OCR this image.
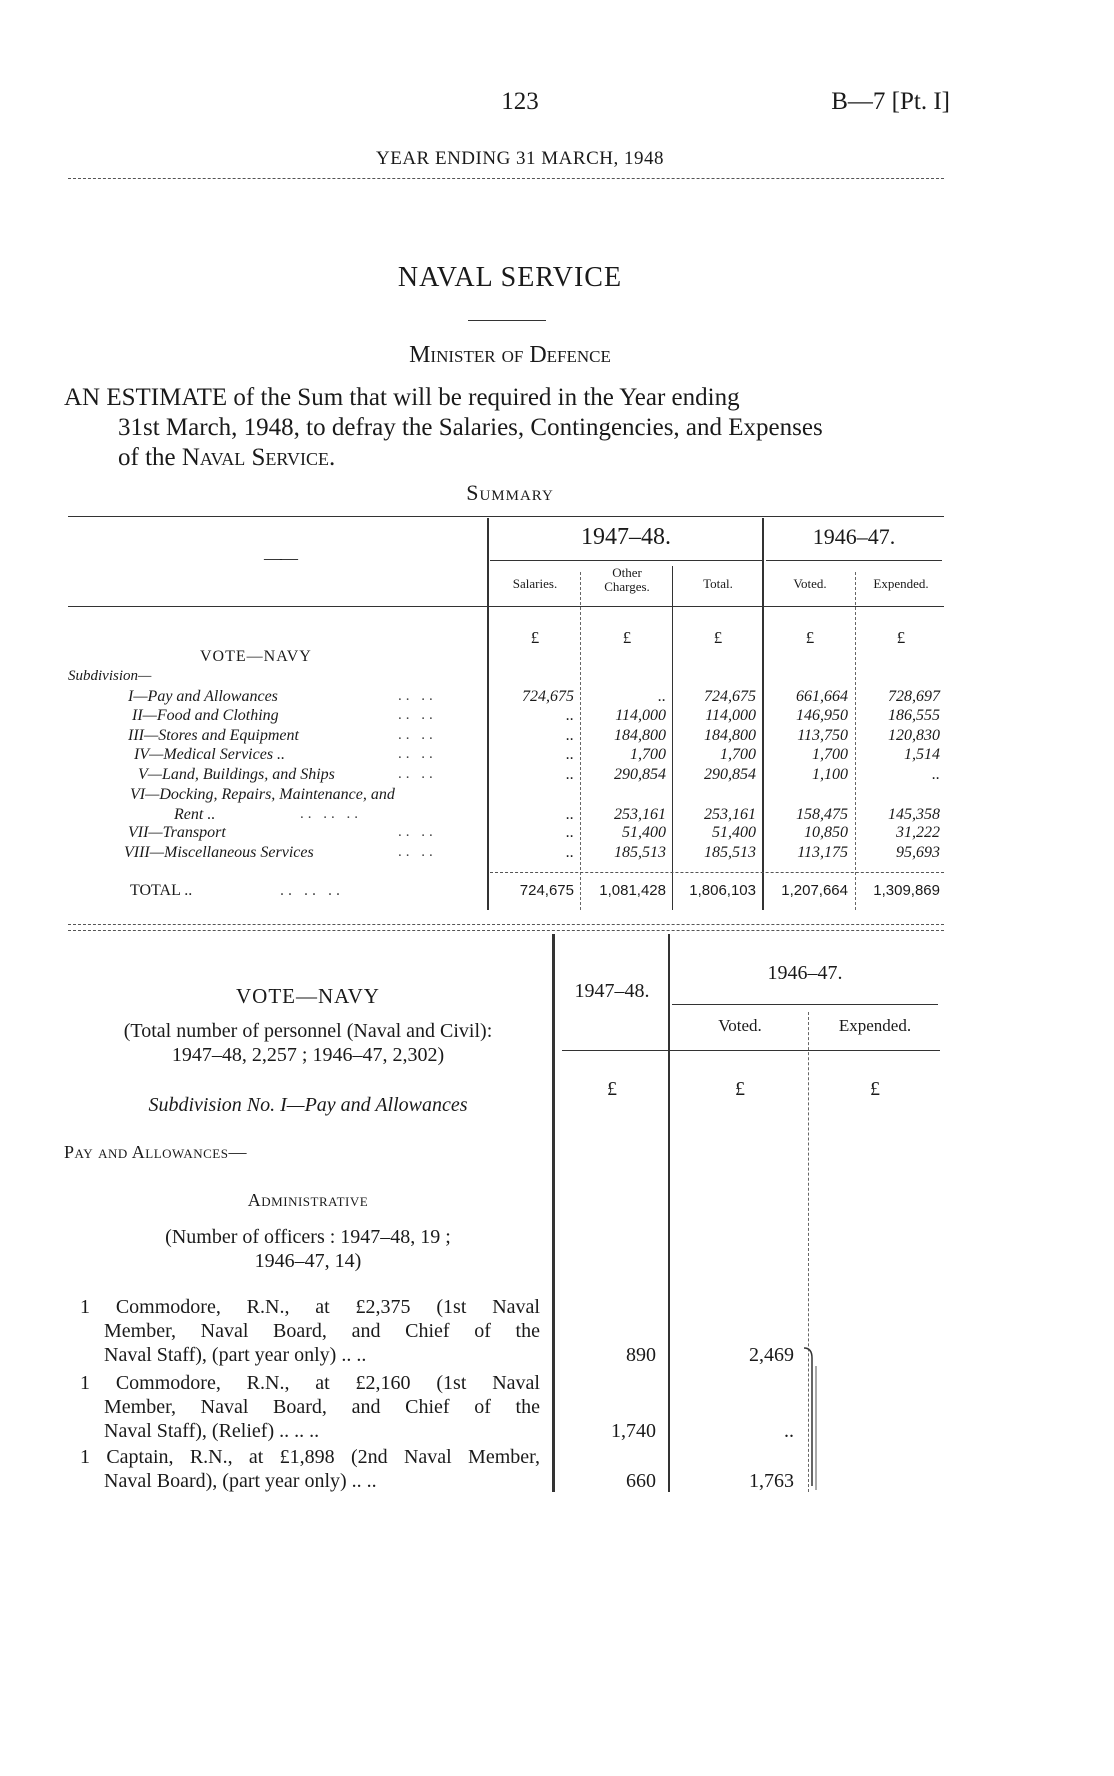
123	B—7 [Pt. I]
YEAR ENDING 31 MARCH, 1948
NAVAL SERVICE
Minister of Defence
AN ESTIMATE of the Sum that will be required in the Year ending
31st March, 1948, to defray the Salaries, Contingencies, and Expenses
of the Naval Service.
Summary
——
1947–48.	1946–47.
Salaries.
Other
Charges.	Total.	Voted.	Expended.
£	£	£	£	£
VOTE—NAVY
Subdivision—
I—Pay and Allowances	.. ..	724,675	..	724,675	661,664	728,697
II—Food and Clothing	.. ..	..	114,000	114,000	146,950	186,555
III—Stores and Equipment	.. ..	..	184,800	184,800	113,750	120,830
IV—Medical Services ..	.. ..	..	1,700	1,700	1,700	1,514
V—Land, Buildings, and Ships	.. ..	..	290,854	290,854	1,100	..
VI—Docking, Repairs, Maintenance, and
Rent ..	.. .. ..	..	253,161	253,161	158,475	145,358
VII—Transport	.. ..	..	51,400	51,400	10,850	31,222
VIII—Miscellaneous Services	.. ..	..	185,513	185,513	113,175	95,693
TOTAL ..	.. .. ..	724,675	1,081,428	1,806,103	1,207,664	1,309,869
1947–48.
1946–47.
Voted.	Expended.
£	£	£
VOTE—NAVY
(Total number of personnel (Naval and Civil):
1947–48, 2,257 ; 1946–47, 2,302)
Subdivision No. I—Pay and Allowances
Pay and Allowances—
Administrative
(Number of officers : 1947–48, 19 ;
1946–47, 14)
1 Commodore, R.N., at £2,375 (1st Naval
Member, Naval Board, and Chief of the
Naval Staff), (part year only) .. ..	890	2,469
1 Commodore, R.N., at £2,160 (1st Naval
Member, Naval Board, and Chief of the
Naval Staff), (Relief) .. .. ..	1,740	..
1 Captain, R.N., at £1,898 (2nd Naval Member,
Naval Board), (part year only) .. ..	660	1,763
